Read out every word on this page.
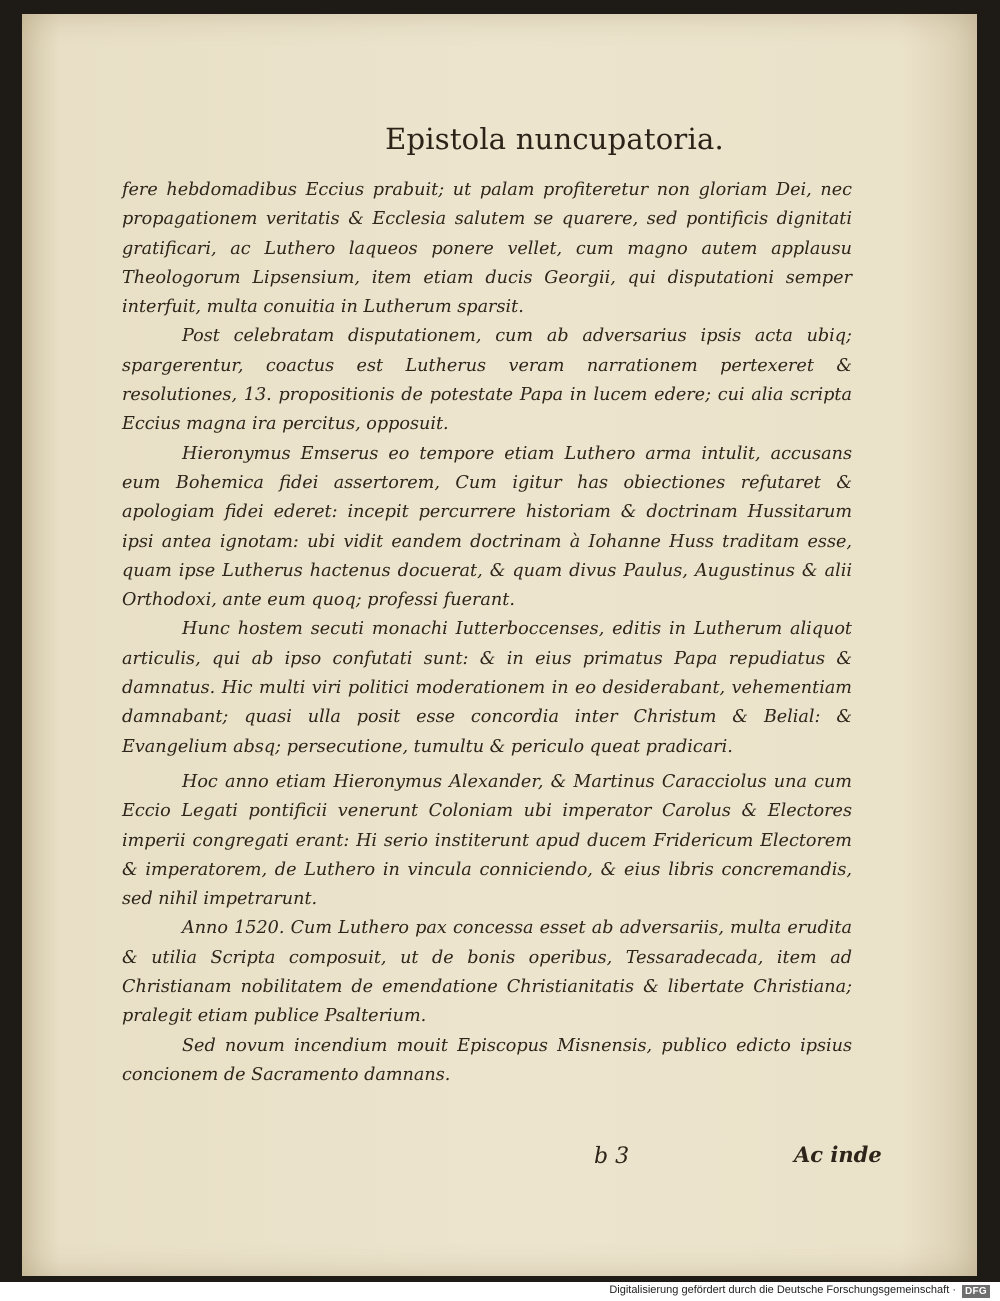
Epistola nuncupatoria.

fere hebdomadibus Eccius prabuit; ut palam profiteretur non gloriam Dei, nec propagationem veritatis & Ecclesia salutem se quarere, sed pontificis dignitati gratificari, ac Luthero laqueos ponere vellet, cum magno autem applausu Theologorum Lipsensium, item etiam ducis Georgii, qui disputationi semper interfuit, multa conuitia in Lutherum sparsit.

Post celebratam disputationem, cum ab adversarius ipsis acta ubiq; spargerentur, coactus est Lutherus veram narrationem pertexeret & resolutiones, 13. propositionis de potestate Papa in lucem edere; cui alia scripta Eccius magna ira percitus, opposuit.

Hieronymus Emserus eo tempore etiam Luthero arma intulit, accusans eum Bohemica fidei assertorem, Cum igitur has obiectiones refutaret & apologiam fidei ederet: incepit percurrere historiam & doctrinam Hussitarum ipsi antea ignotam: ubi vidit eandem doctrinam à Iohanne Huss traditam esse, quam ipse Lutherus hactenus docuerat, & quam divus Paulus, Augustinus & alii Orthodoxi, ante eum quoq; professi fuerant.

Hunc hostem secuti monachi Iutterboccenses, editis in Lutherum aliquot articulis, qui ab ipso confutati sunt: & in eius primatus Papa repudiatus & damnatus. Hic multi viri politici moderationem in eo desiderabant, vehementiam damnabant; quasi ulla posit esse concordia inter Christum & Belial: & Evangelium absq; persecutione, tumultu & periculo queat pradicari.

Hoc anno etiam Hieronymus Alexander, & Martinus Caracciolus una cum Eccio Legati pontificii venerunt Coloniam ubi imperator Carolus & Electores imperii congregati erant: Hi serio institerunt apud ducem Fridericum Electorem & imperatorem, de Luthero in vincula conniciendo, & eius libris concremandis, sed nihil impetrarunt.

Anno 1520. Cum Luthero pax concessa esset ab adversariis, multa erudita & utilia Scripta composuit, ut de bonis operibus, Tessaradecada, item ad Christianam nobilitatem de emendatione Christianitatis & libertate Christiana; pralegit etiam publice Psalterium.

Sed novum incendium mouit Episcopus Misnensis, publico edicto ipsius concionem de Sacramento damnans.

b 3	Ac inde
Digitalisierung gefördert durch die Deutsche Forschungsgemeinschaft · DFG
